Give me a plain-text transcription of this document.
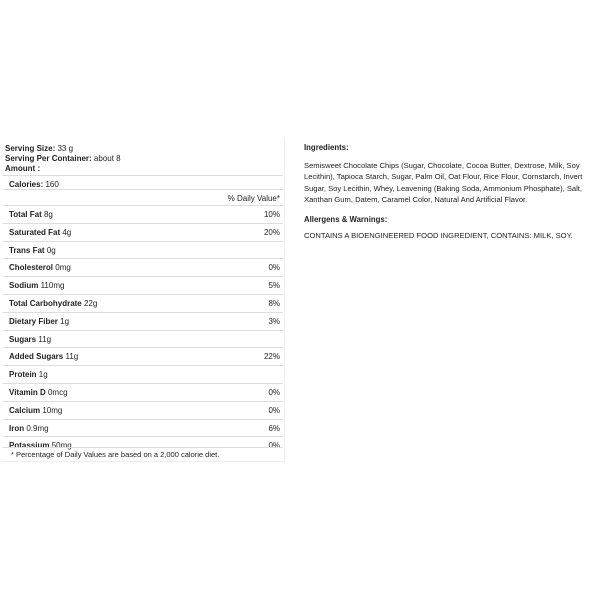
Serving Size: 33 g
Serving Per Container: about 8
Amount :
Calories: 160
% Daily Value*
Total Fat 8g	10%
Saturated Fat 4g	20%
Trans Fat 0g
Cholesterol 0mg	0%
Sodium 110mg	5%
Total Carbohydrate 22g	8%
Dietary Fiber 1g	3%
Sugars 11g
Added Sugars 11g	22%
Protein 1g
Vitamin D 0mcg	0%
Calcium 10mg	0%
Iron 0.9mg	6%
Potassium 50mg	0%
* Percentage of Daily Values are based on a 2,000 calorie diet.

Ingredients:

Semisweet Chocolate Chips (Sugar, Chocolate, Cocoa Butter, Dextrose, Milk, Soy Lecithin), Tapioca Starch, Sugar, Palm Oil, Oat Flour, Rice Flour, Cornstarch, Invert Sugar, Soy Lecithin, Whey, Leavening (Baking Soda, Ammonium Phosphate), Salt, Xanthan Gum, Datem, Caramel Color, Natural And Artificial Flavor.

Allergens & Warnings:

CONTAINS A BIOENGINEERED FOOD INGREDIENT, CONTAINS: MILK, SOY.
